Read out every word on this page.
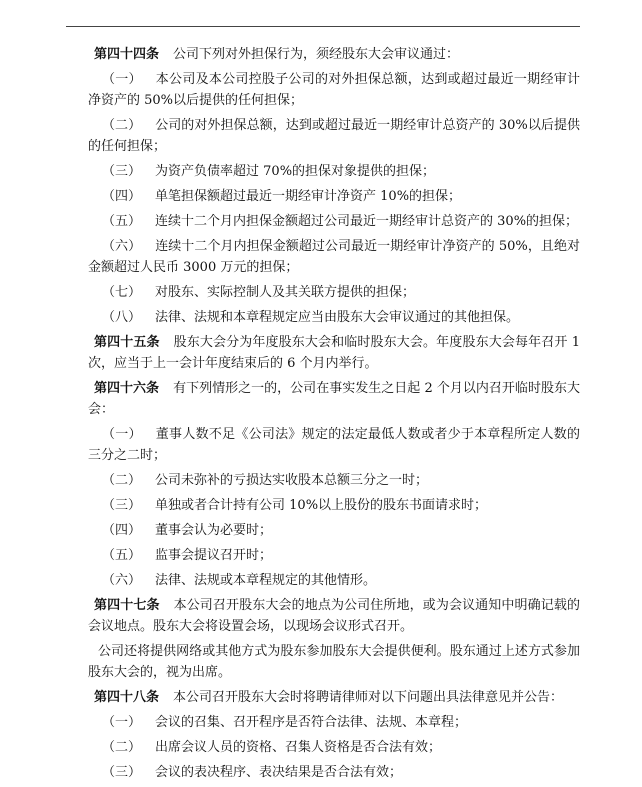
第四十四条 公司下列对外担保行为，须经股东大会审议通过：

（一） 本公司及本公司控股子公司的对外担保总额，达到或超过最近一期经审计净资产的 50%以后提供的任何担保；

（二） 公司的对外担保总额，达到或超过最近一期经审计总资产的 30%以后提供的任何担保；

（三） 为资产负债率超过 70%的担保对象提供的担保；

（四） 单笔担保额超过最近一期经审计净资产 10%的担保；

（五） 连续十二个月内担保金额超过公司最近一期经审计总资产的 30%的担保；

（六） 连续十二个月内担保金额超过公司最近一期经审计净资产的 50%，且绝对金额超过人民币 3000 万元的担保；

（七） 对股东、实际控制人及其关联方提供的担保；

（八） 法律、法规和本章程规定应当由股东大会审议通过的其他担保。

第四十五条 股东大会分为年度股东大会和临时股东大会。年度股东大会每年召开 1 次，应当于上一会计年度结束后的 6 个月内举行。

第四十六条 有下列情形之一的，公司在事实发生之日起 2 个月以内召开临时股东大会：

（一） 董事人数不足《公司法》规定的法定最低人数或者少于本章程所定人数的三分之二时；

（二） 公司未弥补的亏损达实收股本总额三分之一时；

（三） 单独或者合计持有公司 10%以上股份的股东书面请求时；

（四） 董事会认为必要时；

（五） 监事会提议召开时；

（六） 法律、法规或本章程规定的其他情形。

第四十七条 本公司召开股东大会的地点为公司住所地，或为会议通知中明确记载的会议地点。股东大会将设置会场，以现场会议形式召开。

公司还将提供网络或其他方式为股东参加股东大会提供便利。股东通过上述方式参加股东大会的，视为出席。

第四十八条 本公司召开股东大会时将聘请律师对以下问题出具法律意见并公告：

（一） 会议的召集、召开程序是否符合法律、法规、本章程；

（二） 出席会议人员的资格、召集人资格是否合法有效；

（三） 会议的表决程序、表决结果是否合法有效；
